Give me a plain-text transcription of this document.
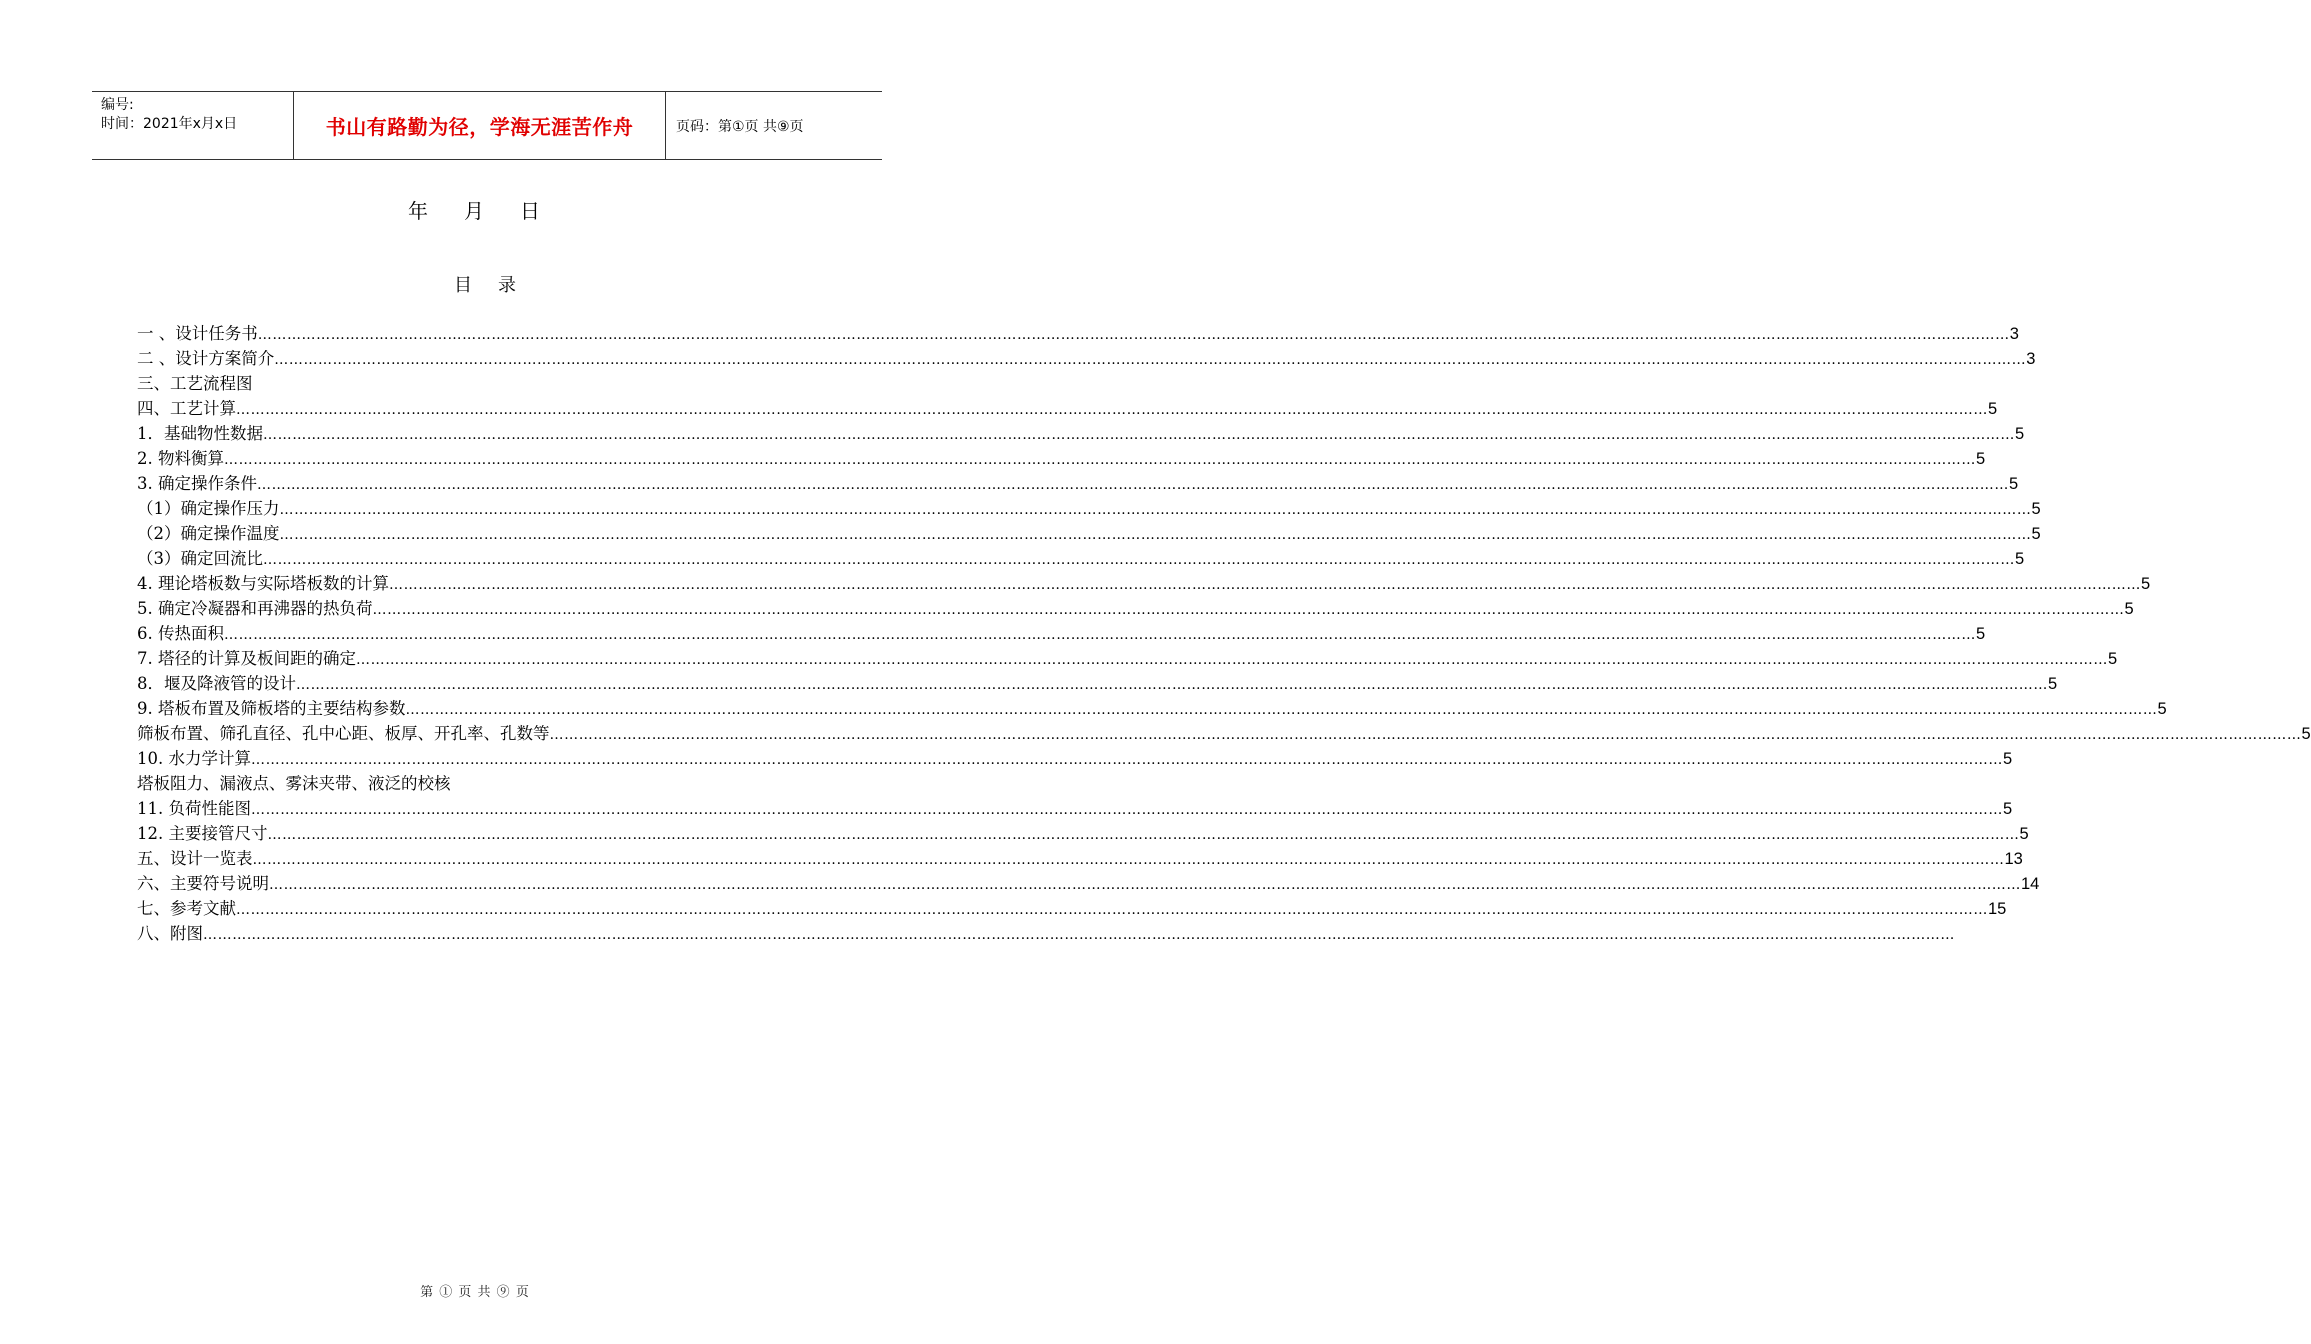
编号:
时间：2021年x月x日	书山有路勤为径，学海无涯苦作舟	页码：第①页 共⑨页
年 月 日
目 录
一 、设计任务书 ……………………………………………………………………………………………………………………………………………………………………………………………………………………………………………………………………………………………………………………………… 3
二 、设计方案简介 ……………………………………………………………………………………………………………………………………………………………………………………………………………………………………………………………………………………………………………………………… 3
三、工艺流程图
四、工艺计算 ……………………………………………………………………………………………………………………………………………………………………………………………………………………………………………………………………………………………………………………………… 5
1．基础物性数据 ……………………………………………………………………………………………………………………………………………………………………………………………………………………………………………………………………………………………………………………………… 5
2. 物料衡算 ……………………………………………………………………………………………………………………………………………………………………………………………………………………………………………………………………………………………………………………………… 5
3. 确定操作条件 ……………………………………………………………………………………………………………………………………………………………………………………………………………………………………………………………………………………………………………………………… 5
（1）确定操作压力 ……………………………………………………………………………………………………………………………………………………………………………………………………………………………………………………………………………………………………………………………… 5
（2）确定操作温度 ……………………………………………………………………………………………………………………………………………………………………………………………………………………………………………………………………………………………………………………………… 5
（3）确定回流比 ……………………………………………………………………………………………………………………………………………………………………………………………………………………………………………………………………………………………………………………………… 5
4. 理论塔板数与实际塔板数的计算 ……………………………………………………………………………………………………………………………………………………………………………………………………………………………………………………………………………………………………………………………… 5
5. 确定冷凝器和再沸器的热负荷 ……………………………………………………………………………………………………………………………………………………………………………………………………………………………………………………………………………………………………………………………… 5
6. 传热面积 ……………………………………………………………………………………………………………………………………………………………………………………………………………………………………………………………………………………………………………………………… 5
7. 塔径的计算及板间距的确定 ……………………………………………………………………………………………………………………………………………………………………………………………………………………………………………………………………………………………………………………………… 5
8．堰及降液管的设计 ……………………………………………………………………………………………………………………………………………………………………………………………………………………………………………………………………………………………………………………………… 5
9. 塔板布置及筛板塔的主要结构参数 ……………………………………………………………………………………………………………………………………………………………………………………………………………………………………………………………………………………………………………………………… 5
筛板布置、筛孔直径、孔中心距、板厚、开孔率、孔数等 ……………………………………………………………………………………………………………………………………………………………………………………………………………………………………………………………………………………………………………………………… 5
10. 水力学计算 ……………………………………………………………………………………………………………………………………………………………………………………………………………………………………………………………………………………………………………………………… 5
塔板阻力、漏液点、雾沫夹带、液泛的校核
11. 负荷性能图 ……………………………………………………………………………………………………………………………………………………………………………………………………………………………………………………………………………………………………………………………… 5
12. 主要接管尺寸 ……………………………………………………………………………………………………………………………………………………………………………………………………………………………………………………………………………………………………………………………… 5
五、设计一览表 ……………………………………………………………………………………………………………………………………………………………………………………………………………………………………………………………………………………………………………………………… 13
六、主要符号说明 ……………………………………………………………………………………………………………………………………………………………………………………………………………………………………………………………………………………………………………………………… 14
七、参考文献 ……………………………………………………………………………………………………………………………………………………………………………………………………………………………………………………………………………………………………………………………… 15
八、附图 ………………………………………………………………………………………………………………………………………………………………………………………………………………………………………………………………………………………………………………………………
第 ① 页 共 ⑨ 页
